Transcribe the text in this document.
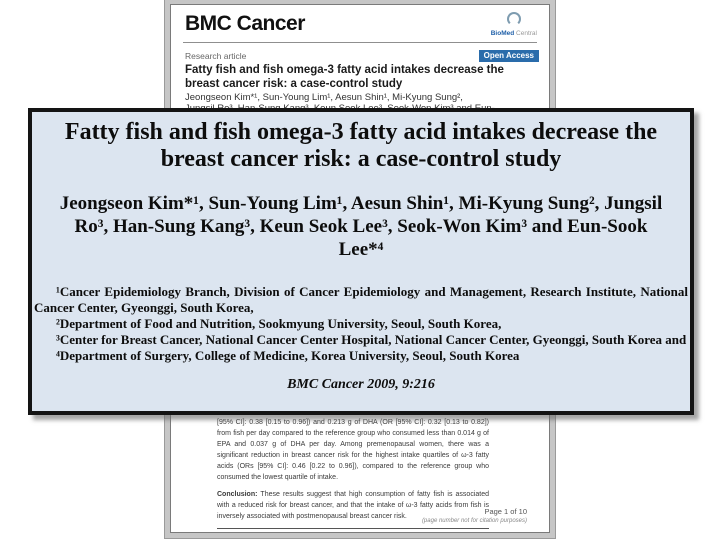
BMC Cancer	BioMed Central
Research article	Open Access
Fatty fish and fish omega-3 fatty acid intakes decrease the breast cancer risk: a case-control study
Jeongseon Kim*¹, Sun-Young Lim¹, Aesun Shin¹, Mi-Kyung Sung²,

[95% CI]: 0.38 [0.15 to 0.96]) and 0.213 g of DHA (OR [95% CI]: 0.32 [0.13 to 0.82]) from fish per day compared to the reference group who consumed less than 0.014 g of EPA and 0.037 g of DHA per day. Among premenopausal women, there was a significant reduction in breast cancer risk for the highest intake quartiles of ω-3 fatty acids (ORs [95% CI]: 0.46 [0.22 to 0.96]), compared to the reference group who consumed the lowest quartile of intake.

Conclusion: These results suggest that high consumption of fatty fish is associated with a reduced risk for breast cancer, and that the intake of ω-3 fatty acids from fish is inversely associated with postmenopausal breast cancer risk.

Page 1 of 10
(page number not for citation purposes)
Fatty fish and fish omega-3 fatty acid intakes decrease the breast cancer risk: a case-control study
Jeongseon Kim*¹, Sun-Young Lim¹, Aesun Shin¹, Mi-Kyung Sung², Jungsil Ro³, Han-Sung Kang³, Keun Seok Lee³, Seok-Won Kim³ and Eun-Sook Lee*⁴

¹Cancer Epidemiology Branch, Division of Cancer Epidemiology and Management, Research Institute, National Cancer Center, Gyeonggi, South Korea,

²Department of Food and Nutrition, Sookmyung University, Seoul, South Korea,

³Center for Breast Cancer, National Cancer Center Hospital, National Cancer Center, Gyeonggi, South Korea and

⁴Department of Surgery, College of Medicine, Korea University, Seoul, South Korea

BMC Cancer 2009, 9:216
